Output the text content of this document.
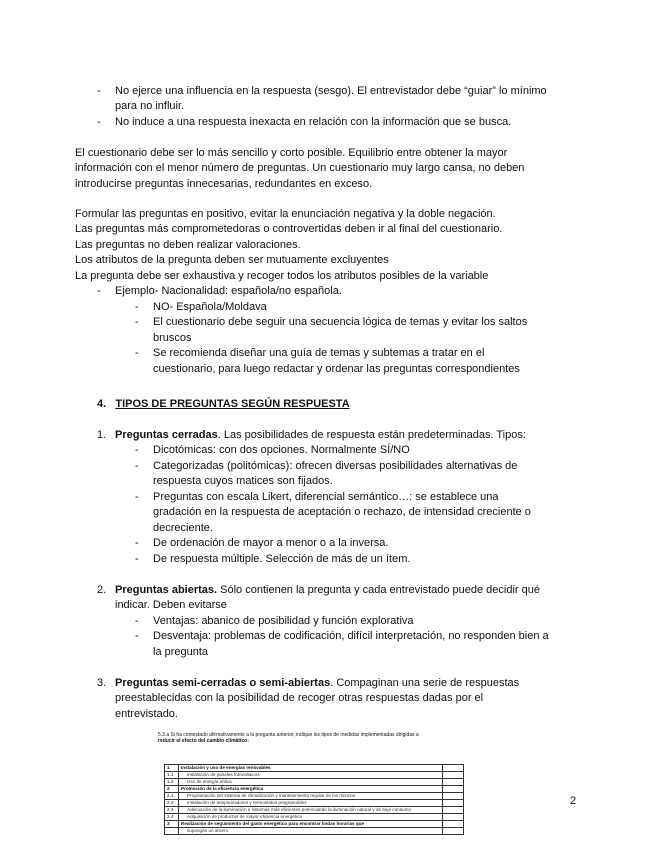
- No ejerce una influencia en la respuesta (sesgo). El entrevistador debe “guiar” lo mínimo
para no influir.
- No induce a una respuesta inexacta en relación con la información que se busca.
El cuestionario debe ser lo más sencillo y corto posible. Equilibrio entre obtener la mayor
información con el menor número de preguntas. Un cuestionario muy largo cansa, no deben
introducirse preguntas innecesarias, redundantes en exceso.
Formular las preguntas en positivo, evitar la enunciación negativa y la doble negación.
Las preguntas más comprometedoras o controvertidas deben ir al final del cuestionario.
Las preguntas no deben realizar valoraciones.
Los atributos de la pregunta deben ser mutuamente excluyentes
La pregunta debe ser exhaustiva y recoger todos los atributos posibles de la variable
- Ejemplo- Nacionalidad: española/no española.
- NO- Española/Moldava
- El cuestionario debe seguir una secuencia lógica de temas y evitar los saltos
bruscos
- Se recomienda diseñar una guía de temas y subtemas a tratar en el
cuestionario, para luego redactar y ordenar las preguntas correspondientes
4. TIPOS DE PREGUNTAS SEGÚN RESPUESTA
1. Preguntas cerradas. Las posibilidades de respuesta están predeterminadas. Tipos:
- Dicotómicas: con dos opciones. Normalmente SÍ/NO
- Categorizadas (politómicas): ofrecen diversas posibilidades alternativas de
respuesta cuyos matices son fijados.
- Preguntas con escala Likert, diferencial semántico…: se establece una
gradación en la respuesta de aceptación o rechazo, de intensidad creciente o
decreciente.
- De ordenación de mayor a menor o a la inversa.
- De respuesta múltiple. Selección de más de un ítem.
2. Preguntas abiertas. Sólo contienen la pregunta y cada entrevistado puede decidir qué
indicar. Deben evitarse
- Ventajas: abanico de posibilidad y función explorativa
- Desventaja: problemas de codificación, difícil interpretación, no responden bien a
la pregunta
3. Preguntas semi-cerradas o semi-abiertas. Compaginan una serie de respuestas
preestablecidas con la posibilidad de recoger otras respuestas dadas por el
entrevistado.
5.3.a Si ha contestado afirmativamente a la pregunta anterior, indique los tipos de medidas implementadas dirigidas a
reducir el efecto del cambio climático:
1	Instalación y uso de energías renovables	
1.1	Instalación de paneles fotovoltaicos	
1.2	Uso de energía eólica	
2	Promoción de la eficiencia energética	
2.1	Programación del sistema de climatización y mantenimiento regular de los mismos	
2.2	Instalación de temporizadores y termostatos programables	
2.3	Adecuación de la iluminación o sistemas más eficientes potenciando la iluminación natural y de bajo consumo	
2.4	Adquisición de productos de mayor eficiencia energética	
3	Realización de seguimiento del gasto energético para encontrar lindas horarias que	
	supongan un ahorro	
2
